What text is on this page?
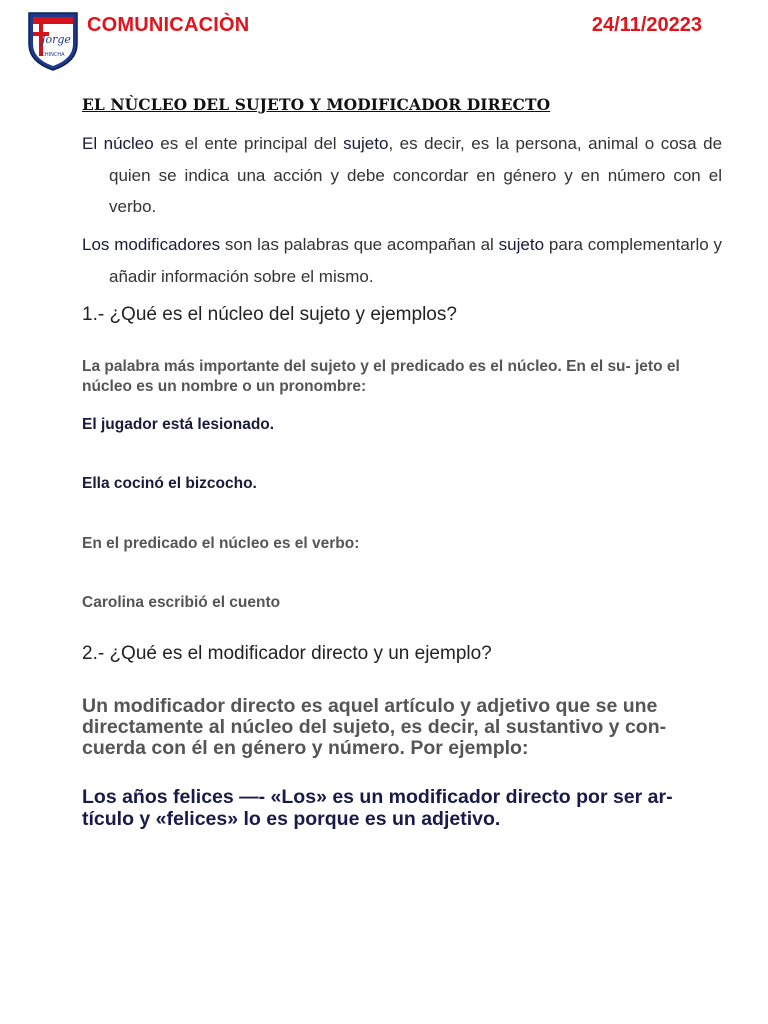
Jorge
CHINCHA
COMUNICACIÒN	24/11/20223
EL NÙCLEO DEL SUJETO Y MODIFICADOR DIRECTO
El núcleo es el ente principal del sujeto, es decir, es la persona, animal o cosa de quien se indica una acción y debe concordar en género y en número con el verbo.
Los modificadores son las palabras que acompañan al sujeto para complementarlo y añadir información sobre el mismo.
1.- ¿Qué es el núcleo del sujeto y ejemplos?
La palabra más importante del sujeto y el predicado es el núcleo. En el su- jeto el núcleo es un nombre o un pronombre:
El jugador está lesionado.
Ella cocinó el bizcocho.
En el predicado el núcleo es el verbo:
Carolina escribió el cuento
2.- ¿Qué es el modificador directo y un ejemplo?
Un modificador directo es aquel artículo y adjetivo que se une directamente al núcleo del sujeto, es decir, al sustantivo y con- cuerda con él en género y número. Por ejemplo:
Los años felices —- «Los» es un modificador directo por ser ar- tículo y «felices» lo es porque es un adjetivo.
